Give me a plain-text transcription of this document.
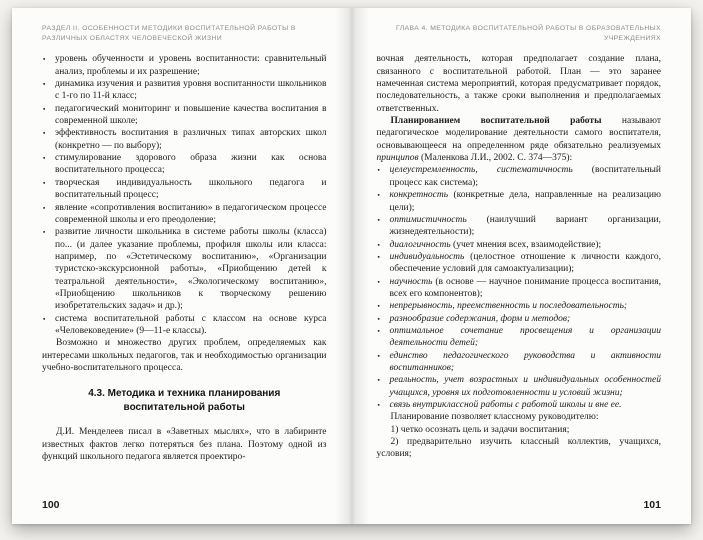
РАЗДЕЛ II. ОСОБЕННОСТИ МЕТОДИКИ ВОСПИТАТЕЛЬНОЙ РАБОТЫ В РАЗЛИЧНЫХ ОБЛАСТЯХ ЧЕЛОВЕЧЕСКОЙ ЖИЗНИ
▪ уровень обученности и уровень воспитанности: сравнительный анализ, проблемы и их разрешение;
▪ динамика изучения и развития уровня воспитанности школьников с 1-го по 11-й класс;
▪ педагогический мониторинг и повышение качества воспитания в современной школе;
▪ эффективность воспитания в различных типах авторских школ (конкретно — по выбору);
▪ стимулирование здорового образа жизни как основа воспитательного процесса;
▪ творческая индивидуальность школьного педагога и воспитательный процесс;
▪ явление «сопротивления воспитанию» в педагогическом процессе современной школы и его преодоление;
▪ развитие личности школьника в системе работы школы (класса) по... (и далее указание проблемы, профиля школы или класса: например, по «Эстетическому воспитанию», «Организации туристско-экскурсионной работы», «Приобщению детей к театральной деятельности», «Экологическому воспитанию», «Приобщению школьников к творческому решению изобретательских задач» и др.);
▪ система воспитательной работы с классом на основе курса «Человековедение» (9—11-е классы).

Возможно и множество других проблем, определяемых как интересами школьных педагогов, так и необходимостью организации учебно-воспитательного процесса.

4.3. Методика и техника планирования воспитательной работы

Д.И. Менделеев писал в «Заветных мыслях», что в лабиринте известных фактов легко потеряться без плана. Поэтому одной из функций школьного педагога является проектиро-

100
ГЛАВА 4. МЕТОДИКА ВОСПИТАТЕЛЬНОЙ РАБОТЫ В ОБРАЗОВАТЕЛЬНЫХ УЧРЕЖДЕНИЯХ

вочная деятельность, которая предполагает создание плана, связанного с воспитательной работой. План — это заранее намеченная система мероприятий, которая предусматривает порядок, последовательность, а также сроки выполнения и предполагаемых ответственных.

Планированием воспитательной работы называют педагогическое моделирование деятельности самого воспитателя, основывающееся на определенном ряде обязательно реализуемых принципов (Маленкова Л.И., 2002. С. 374—375):

▪ целеустремленность, систематичность (воспитательный процесс как система);
▪ конкретность (конкретные дела, направленные на реализацию цели);
▪ оптимистичность (наилучший вариант организации, жизнедеятельности);
▪ диалогичность (учет мнения всех, взаимодействие);
▪ индивидуальность (целостное отношение к личности каждого, обеспечение условий для самоактуализации);
▪ научность (в основе — научное понимание процесса воспитания, всех его компонентов);
▪ непрерывность, преемственность и последовательность;
▪ разнообразие содержания, форм и методов;
▪ оптимальное сочетание просвещения и организации деятельности детей;
▪ единство педагогического руководства и активности воспитанников;
▪ реальность, учет возрастных и индивидуальных особенностей учащихся, уровня их подготовленности и условий жизни;
▪ связь внутриклассной работы с работой школы и вне ее.

Планирование позволяет классному руководителю:

1) четко осознать цель и задачи воспитания;

2) предварительно изучить классный коллектив, учащихся, условия;

101
